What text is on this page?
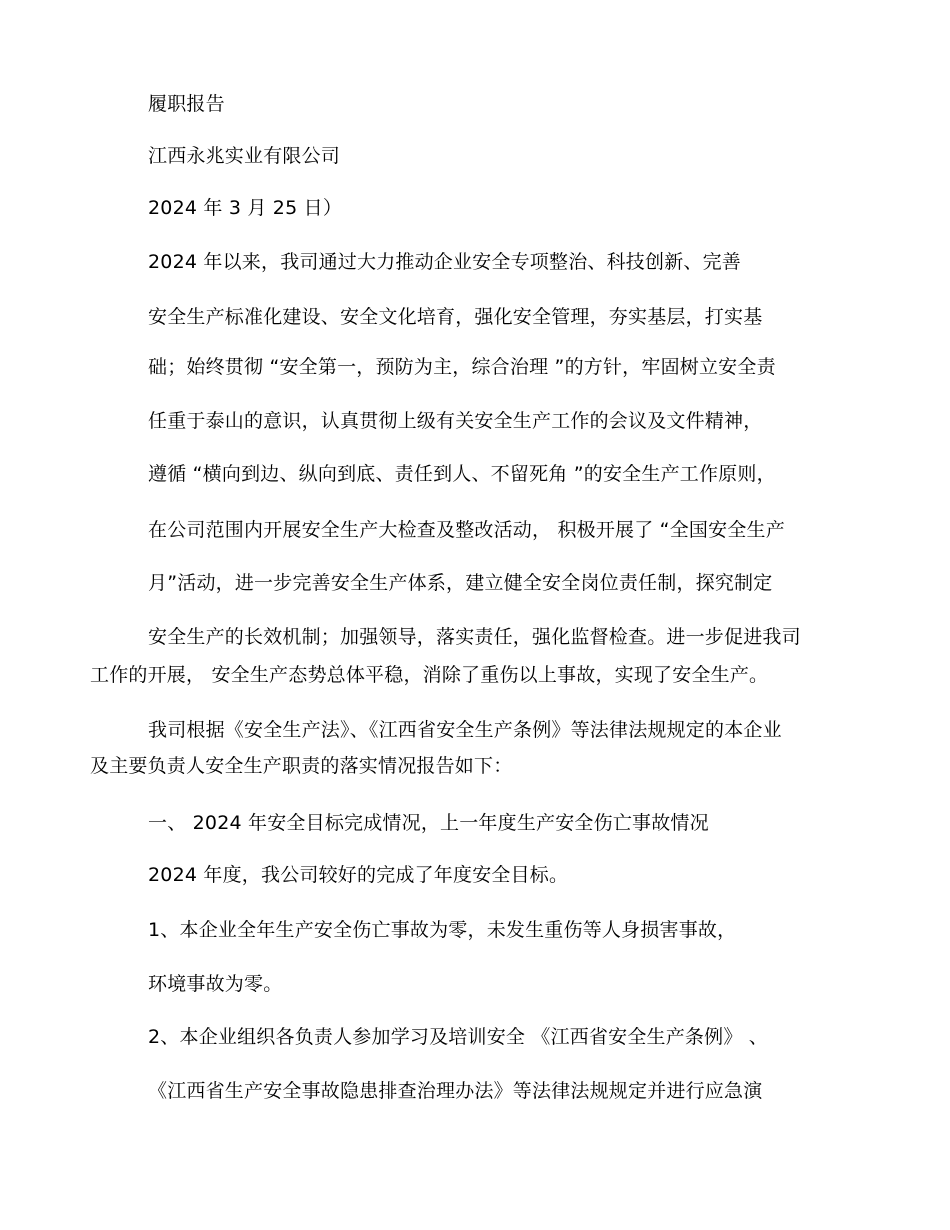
履职报告
江西永兆实业有限公司
2024 年 3 月 25 日）
2024 年以来，我司通过大力推动企业安全专项整治、科技创新、完善
安全生产标准化建设、安全文化培育，强化安全管理，夯实基层，打实基
础；始终贯彻 “安全第一，预防为主，综合治理 ”的方针，牢固树立安全责
任重于泰山的意识，认真贯彻上级有关安全生产工作的会议及文件精神，
遵循 “横向到边、纵向到底、责任到人、不留死角 ”的安全生产工作原则，
在公司范围内开展安全生产大检查及整改活动， 积极开展了 “全国安全生产
月”活动，进一步完善安全生产体系，建立健全安全岗位责任制，探究制定
安全生产的长效机制；加强领导，落实责任，强化监督检查。进一步促进我司
工作的开展， 安全生产态势总体平稳，消除了重伤以上事故，实现了安全生产。
我司根据《安全生产法》、《江西省安全生产条例》等法律法规规定的本企业
及主要负责人安全生产职责的落实情况报告如下：
一、 2024 年安全目标完成情况，上一年度生产安全伤亡事故情况
2024 年度，我公司较好的完成了年度安全目标。
1、本企业全年生产安全伤亡事故为零，未发生重伤等人身损害事故，
环境事故为零。
2、本企业组织各负责人参加学习及培训安全 《江西省安全生产条例》 、
《江西省生产安全事故隐患排查治理办法》等法律法规规定并进行应急演
